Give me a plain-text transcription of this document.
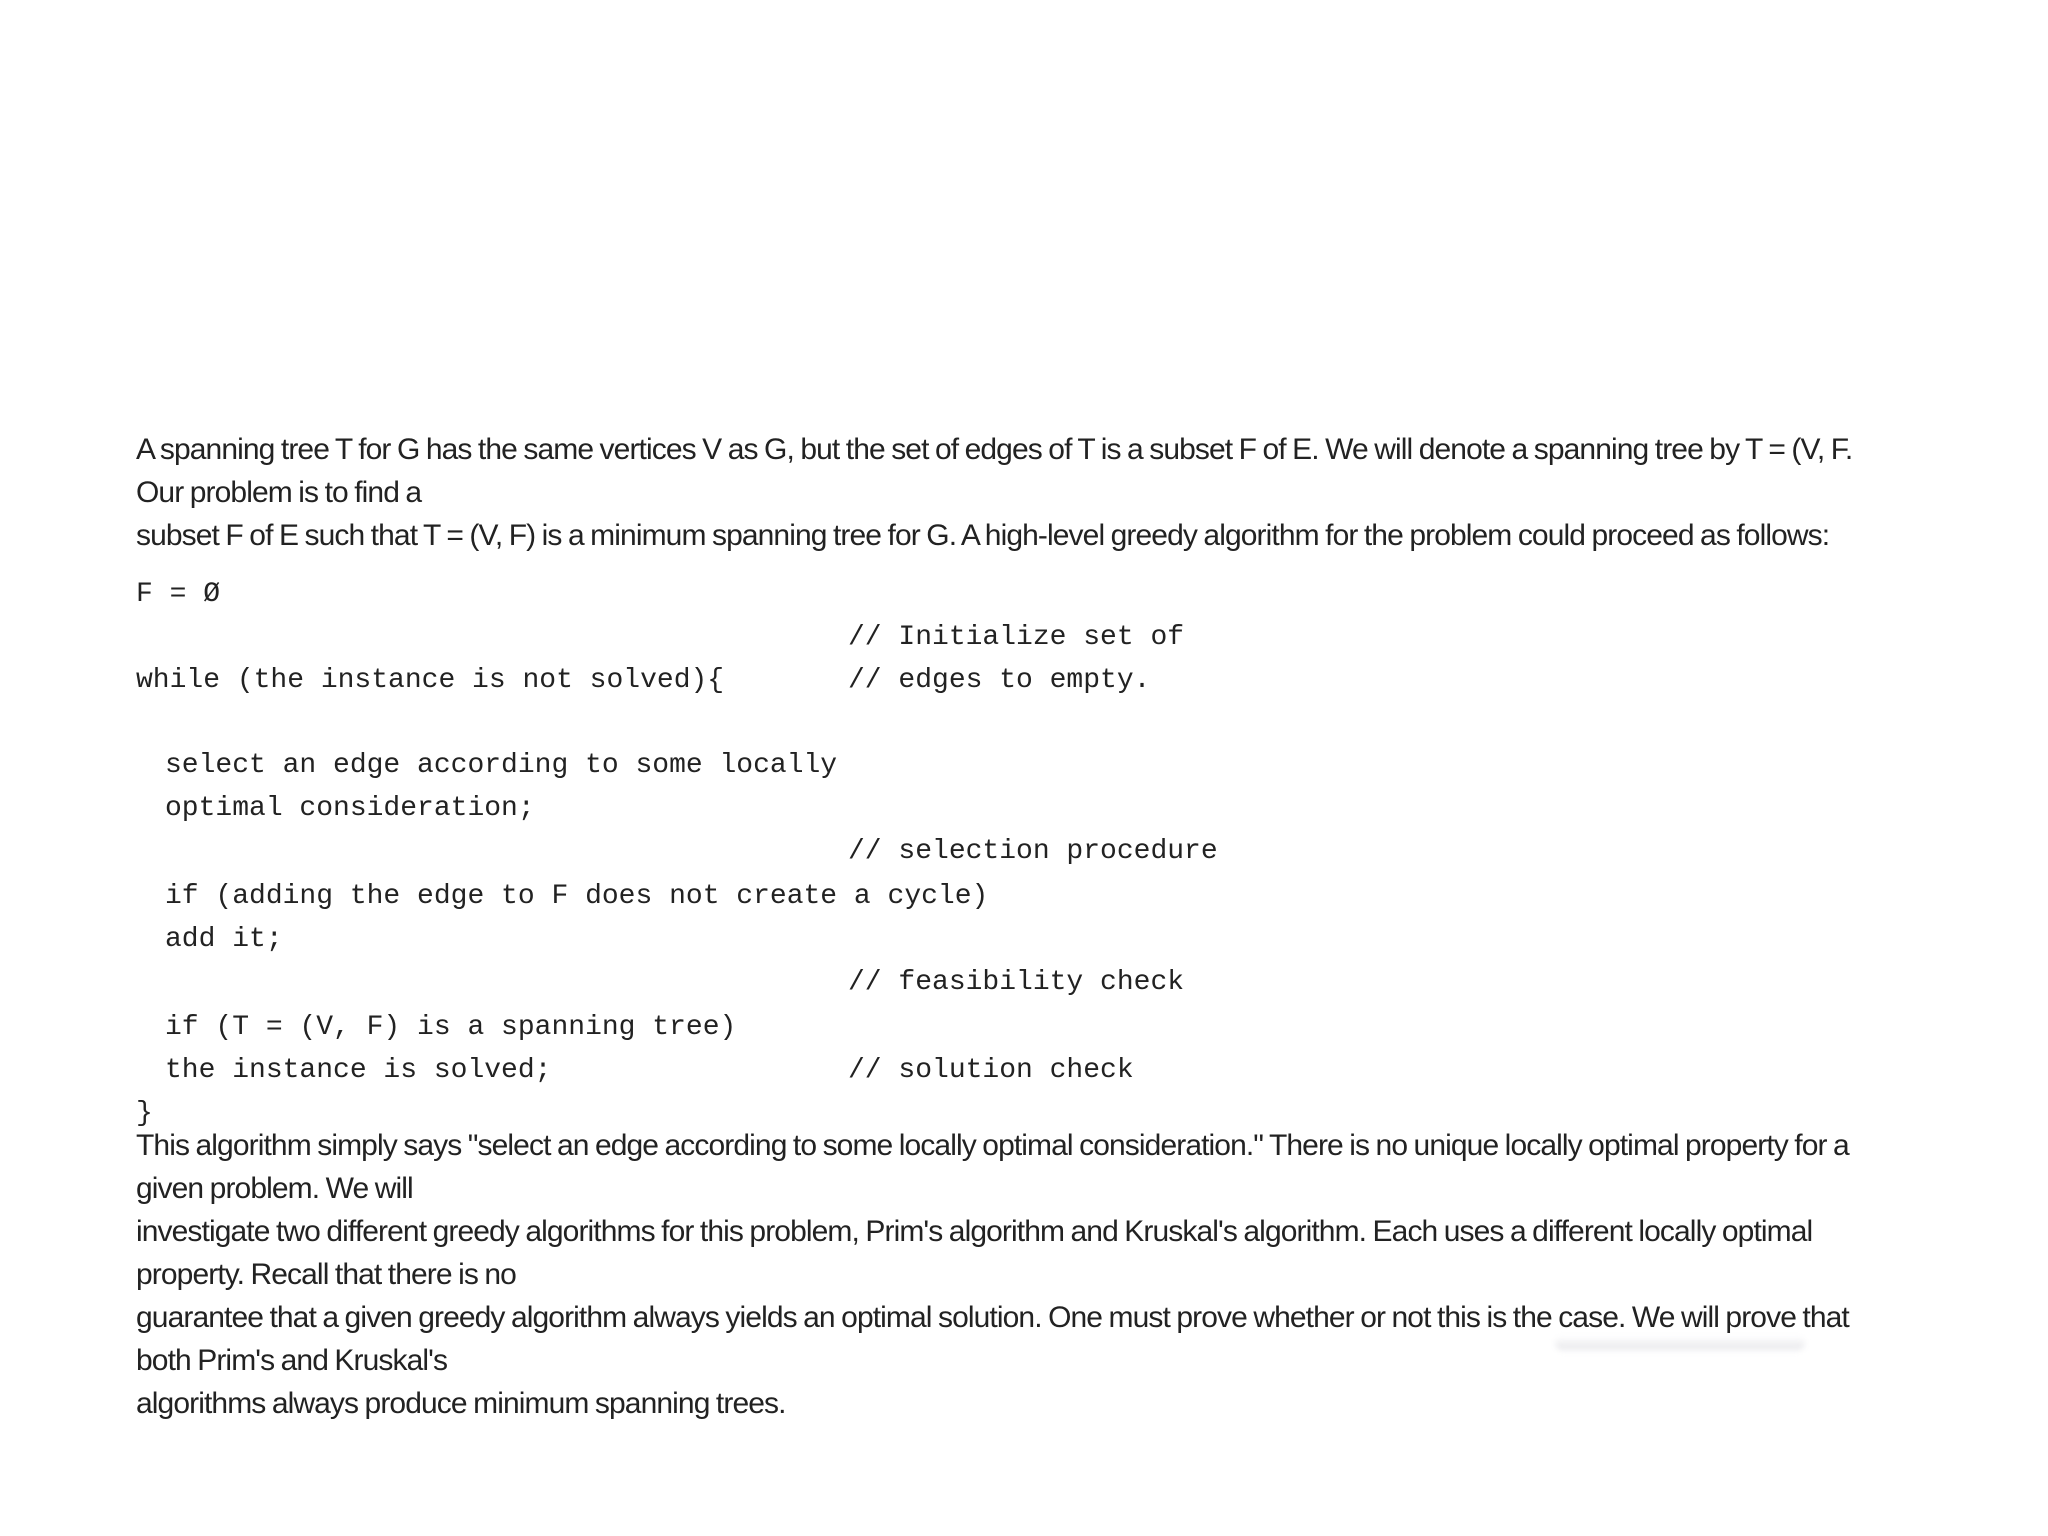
A spanning tree T for G has the same vertices V as G, but the set of edges of T is a subset F of E. We will denote a spanning tree by T = (V, F. Our problem is to find a
subset F of E such that T = (V, F) is a minimum spanning tree for G. A high-level greedy algorithm for the problem could proceed as follows:

F = Ø

// Initialize set of

// edges to empty.

while (the instance is not solved){

select an edge according to some locally

optimal consideration;

// selection procedure

if (adding the edge to F does not create a cycle)

add it;

// feasibility check

if (T = (V, F) is a spanning tree)

// solution check

the instance is solved;

}

This algorithm simply says "select an edge according to some locally optimal consideration." There is no unique locally optimal property for a given problem. We will
investigate two different greedy algorithms for this problem, Prim's algorithm and Kruskal's algorithm. Each uses a different locally optimal property. Recall that there is no
guarantee that a given greedy algorithm always yields an optimal solution. One must prove whether or not this is the case. We will prove that both Prim's and Kruskal's
algorithms always produce minimum spanning trees.
